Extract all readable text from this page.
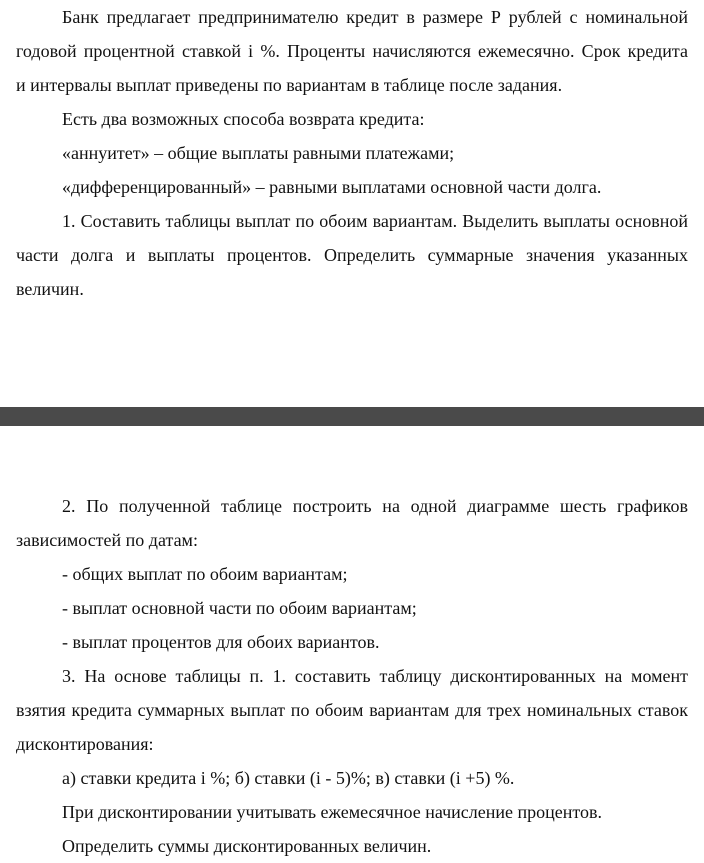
Банк предлагает предпринимателю кредит в размере Р рублей с номинальной
годовой процентной ставкой i %. Проценты начисляются ежемесячно. Срок кредита
и интервалы выплат приведены по вариантам в таблице после задания.
Есть два возможных способа возврата кредита:
«аннуитет» – общие выплаты равными платежами;
«дифференцированный» – равными выплатами основной части долга.
1. Составить таблицы выплат по обоим вариантам. Выделить выплаты основной
части долга и выплаты процентов. Определить суммарные значения указанных
величин.
2. По полученной таблице построить на одной диаграмме шесть графиков
зависимостей по датам:
- общих выплат по обоим вариантам;
- выплат основной части по обоим вариантам;
- выплат процентов для обоих вариантов.
3. На основе таблицы п. 1. составить таблицу дисконтированных на момент
взятия кредита суммарных выплат по обоим вариантам для трех номинальных ставок
дисконтирования:
а) ставки кредита i %; б) ставки (i - 5)%; в) ставки (i +5) %.
При дисконтировании учитывать ежемесячное начисление процентов.
Определить суммы дисконтированных величин.
